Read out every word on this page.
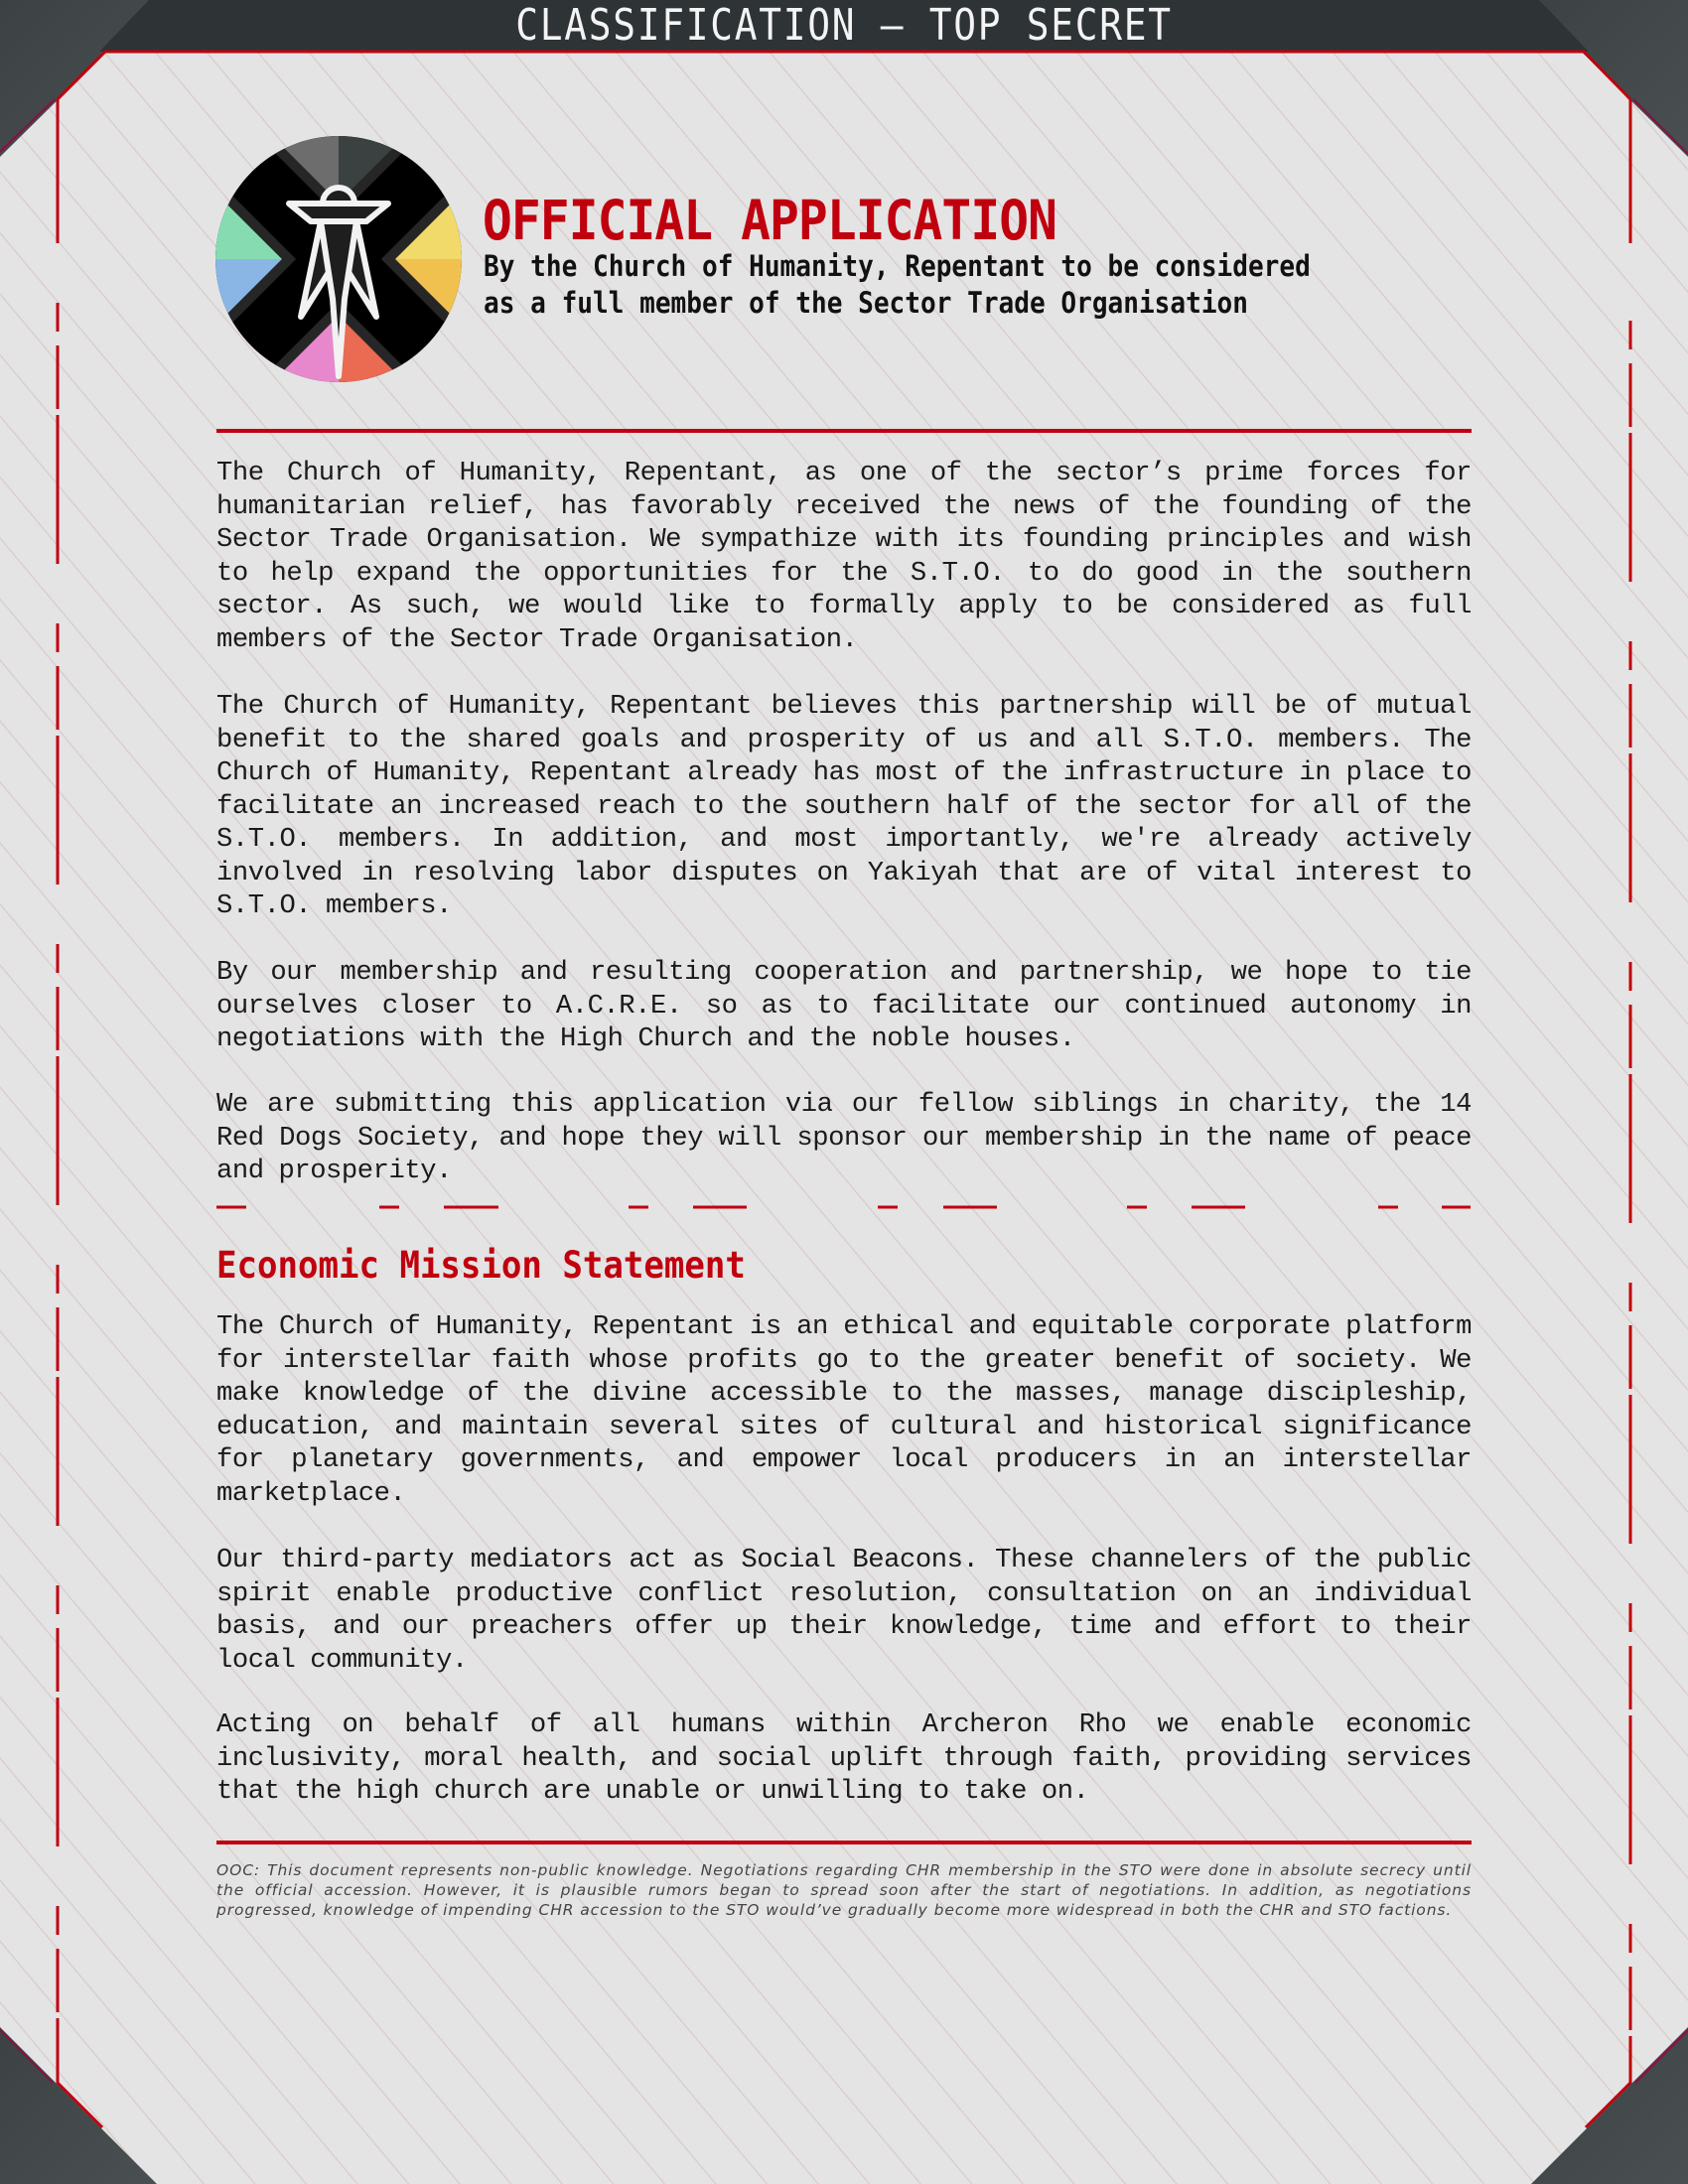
CLASSIFICATION — TOP SECRET
OFFICIAL APPLICATION
By the Church of Humanity, Repentant to be considered
as a full member of the Sector Trade Organisation

The Church of Humanity, Repentant, as one of the sector’s prime forces for humanitarian relief, has favorably received the news of the founding of the Sector Trade Organisation. We sympathize with its founding principles and wish to help expand the opportunities for the S.T.O. to do good in the southern sector. As such, we would like to formally apply to be considered as full members of the Sector Trade Organisation.

The Church of Humanity, Repentant believes this partnership will be of mutual benefit to the shared goals and prosperity of us and all S.T.O. members. The Church of Humanity, Repentant already has most of the infrastructure in place to facilitate an increased reach to the southern half of the sector for all of the S.T.O. members. In addition, and most importantly, we're already actively involved in resolving labor disputes on Yakiyah that are of vital interest to S.T.O. members.

By our membership and resulting cooperation and partnership, we hope to tie ourselves closer to A.C.R.E. so as to facilitate our continued autonomy in negotiations with the High Church and the noble houses.

We are submitting this application via our fellow siblings in charity, the 14 Red Dogs Society, and hope they will sponsor our membership in the name of peace and prosperity.

Economic Mission Statement

The Church of Humanity, Repentant is an ethical and equitable corporate platform for interstellar faith whose profits go to the greater benefit of society. We make knowledge of the divine accessible to the masses, manage discipleship, education, and maintain several sites of cultural and historical significance for planetary governments, and empower local producers in an interstellar marketplace.

Our third-party mediators act as Social Beacons. These channelers of the public spirit enable productive conflict resolution, consultation on an individual basis, and our preachers offer up their knowledge, time and effort to their local community.

Acting on behalf of all humans within Archeron Rho we enable economic inclusivity, moral health, and social uplift through faith, providing services that the high church are unable or unwilling to take on.

OOC: This document represents non-public knowledge. Negotiations regarding CHR membership in the STO were done in absolute secrecy until the official accession. However, it is plausible rumors began to spread soon after the start of negotiations. In addition, as negotiations progressed, knowledge of impending CHR accession to the STO would’ve gradually become more widespread in both the CHR and STO factions.
